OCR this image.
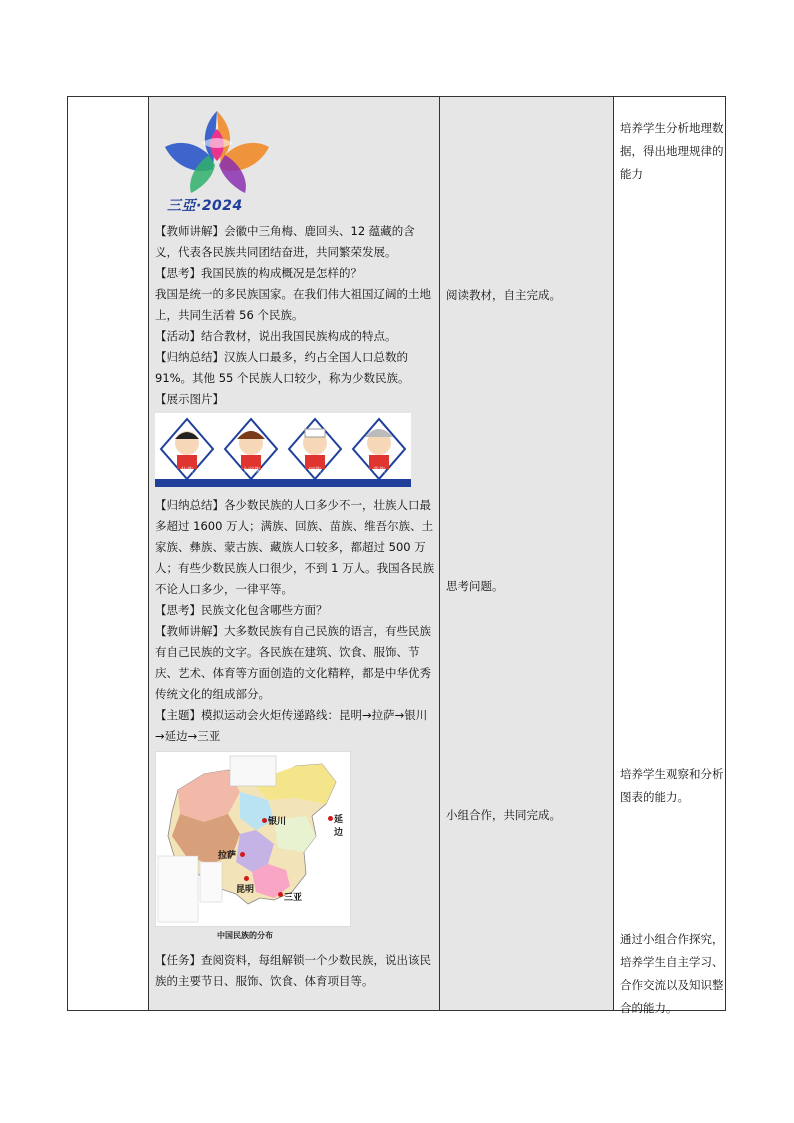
三亞·2024

【教师讲解】会徽中三角梅、鹿回头、12 蕴藏的含义，代表各民族共同团结奋进，共同繁荣发展。

【思考】我国民族的构成概况是怎样的？

我国是统一的多民族国家。在我们伟大祖国辽阔的土地上，共同生活着 56 个民族。

【活动】结合教材，说出我国民族构成的特点。

【归纳总结】汉族人口最多，约占全国人口总数的 91%。其他 55 个民族人口较少，称为少数民族。

【展示图片】

壮族	土家族	回族	苗族

【归纳总结】各少数民族的人口多少不一，壮族人口最多超过 1600 万人；满族、回族、苗族、维吾尔族、土家族、彝族、蒙古族、藏族人口较多，都超过 500 万人；有些少数民族人口很少，不到 1 万人。我国各民族不论人口多少，一律平等。

【思考】民族文化包含哪些方面？

【教师讲解】大多数民族有自己民族的语言，有些民族有自己民族的文字。各民族在建筑、饮食、服饰、节庆、艺术、体育等方面创造的文化精粹，都是中华优秀传统文化的组成部分。

【主题】模拟运动会火炬传递路线：昆明→拉萨→银川→延边→三亚

延边
银川
拉萨
昆明
三亚
中国民族的分布
【任务】查阅资料，每组解锁一个少数民族，说出该民族的主要节日、服饰、饮食、体育项目等。

阅读教材，自主完成。
思考问题。
小组合作，共同完成。

培养学生分析地理数据，得出地理规律的能力
培养学生观察和分析图表的能力。
通过小组合作探究，培养学生自主学习、合作交流以及知识整合的能力。
